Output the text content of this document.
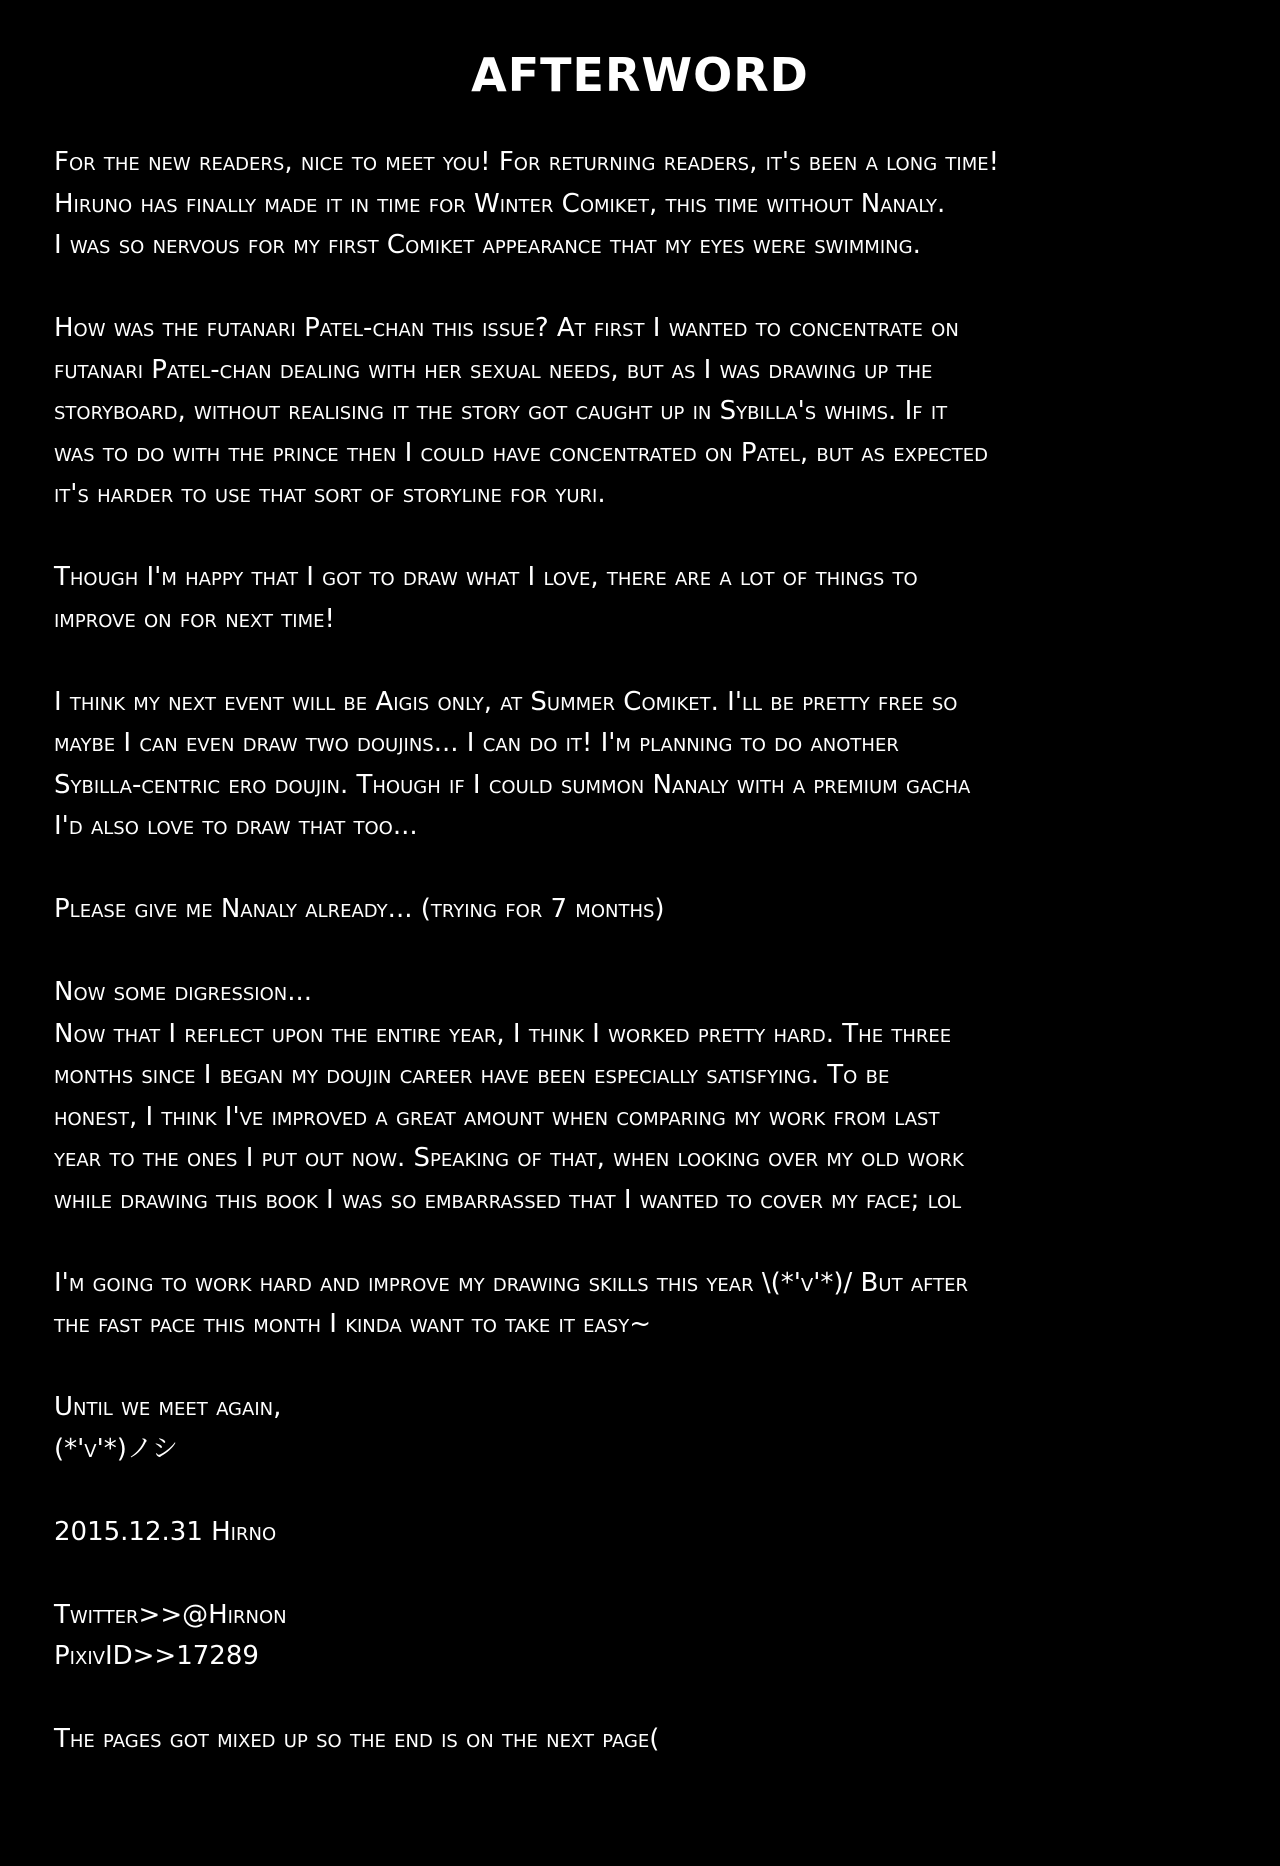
AFTERWORD
For the new readers, nice to meet you! For returning readers, it's been a long time!
Hiruno has finally made it in time for Winter Comiket, this time without Nanaly.
I was so nervous for my first Comiket appearance that my eyes were swimming.
How was the futanari Patel-chan this issue? At first I wanted to concentrate on
futanari Patel-chan dealing with her sexual needs, but as I was drawing up the
storyboard, without realising it the story got caught up in Sybilla's whims. If it
was to do with the prince then I could have concentrated on Patel, but as expected
it's harder to use that sort of storyline for yuri.
Though I'm happy that I got to draw what I love, there are a lot of things to
improve on for next time!
I think my next event will be Aigis only, at Summer Comiket. I'll be pretty free so
maybe I can even draw two doujins... I can do it! I'm planning to do another
Sybilla-centric ero doujin. Though if I could summon Nanaly with a premium gacha
I'd also love to draw that too...
Please give me Nanaly already... (trying for 7 months)
Now some digression...
Now that I reflect upon the entire year, I think I worked pretty hard. The three
months since I began my doujin career have been especially satisfying. To be
honest, I think I've improved a great amount when comparing my work from last
year to the ones I put out now. Speaking of that, when looking over my old work
while drawing this book I was so embarrassed that I wanted to cover my face; lol
I'm going to work hard and improve my drawing skills this year \(*'v'*)/ But after
the fast pace this month I kinda want to take it easy~
Until we meet again,
(*'v'*)ノシ
2015.12.31 Hirno
Twitter>>@Hirnon
PixivID>>17289
The pages got mixed up so the end is on the next page(
